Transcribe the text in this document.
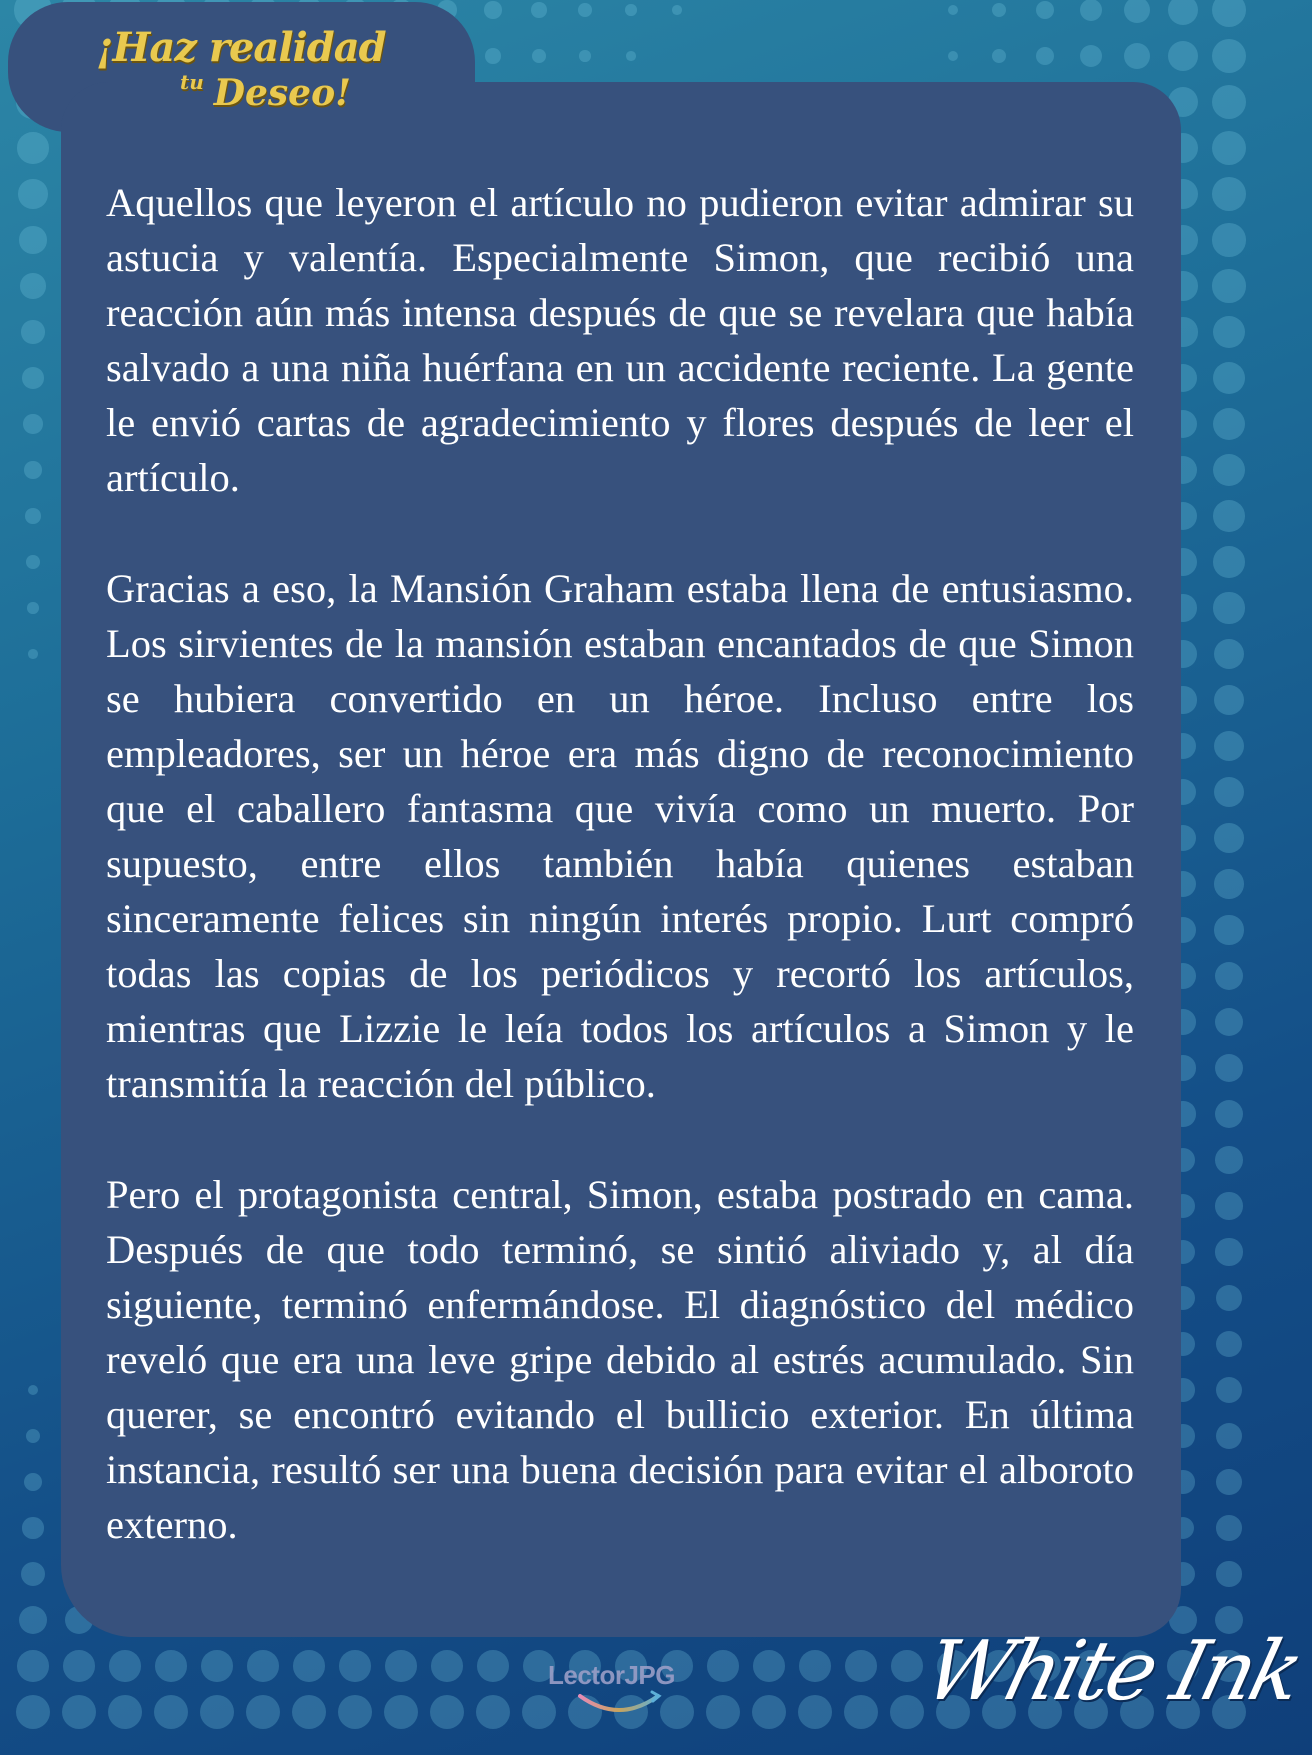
¡Haz realidad
$^{tu}$ Deseo!

Aquellos que leyeron el artículo no pudieron evitar admirar su astucia y valentía. Especialmente Simon, que recibió una reacción aún más intensa después de que se revelara que había salvado a una niña huérfana en un accidente reciente. La gente le envió cartas de agradecimiento y flores después de leer el artículo.

Gracias a eso, la Mansión Graham estaba llena de entusiasmo. Los sirvientes de la mansión estaban encantados de que Simon se hubiera convertido en un héroe. Incluso entre los empleadores, ser un héroe era más digno de reconocimiento que el caballero fantasma que vivía como un muerto. Por supuesto, entre ellos también había quienes estaban sinceramente felices sin ningún interés propio. Lurt compró todas las copias de los periódicos y recortó los artículos, mientras que Lizzie le leía todos los artículos a Simon y le transmitía la reacción del público.

Pero el protagonista central, Simon, estaba postrado en cama. Después de que todo terminó, se sintió aliviado y, al día siguiente, terminó enfermándose. El diagnóstico del médico reveló que era una leve gripe debido al estrés acumulado. Sin querer, se encontró evitando el bullicio exterior. En última instancia, resultó ser una buena decisión para evitar el alboroto externo.

LectorJPG	White Ink
